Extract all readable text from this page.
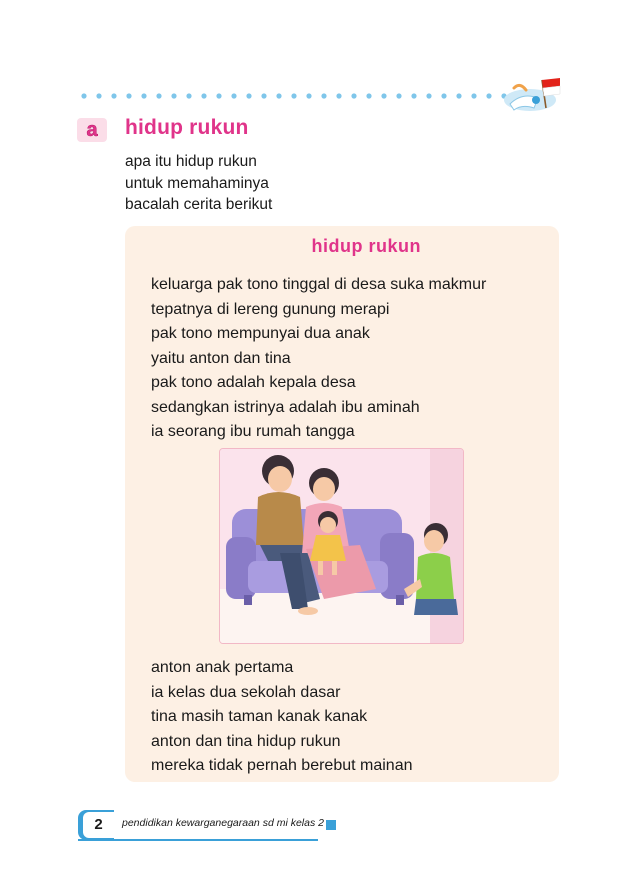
a	hidup rukun
apa itu hidup rukun
untuk memahaminya
bacalah cerita berikut
hidup rukun
keluarga pak tono tinggal di desa suka makmur
tepatnya di lereng gunung merapi
pak tono mempunyai dua anak
yaitu anton dan tina
pak tono adalah kepala desa
sedangkan istrinya adalah ibu aminah
ia seorang ibu rumah tangga
anton anak pertama
ia kelas dua sekolah dasar
tina masih taman kanak kanak
anton dan tina hidup rukun
mereka tidak pernah berebut mainan
2	pendidikan kewarganegaraan sd mi kelas 2
